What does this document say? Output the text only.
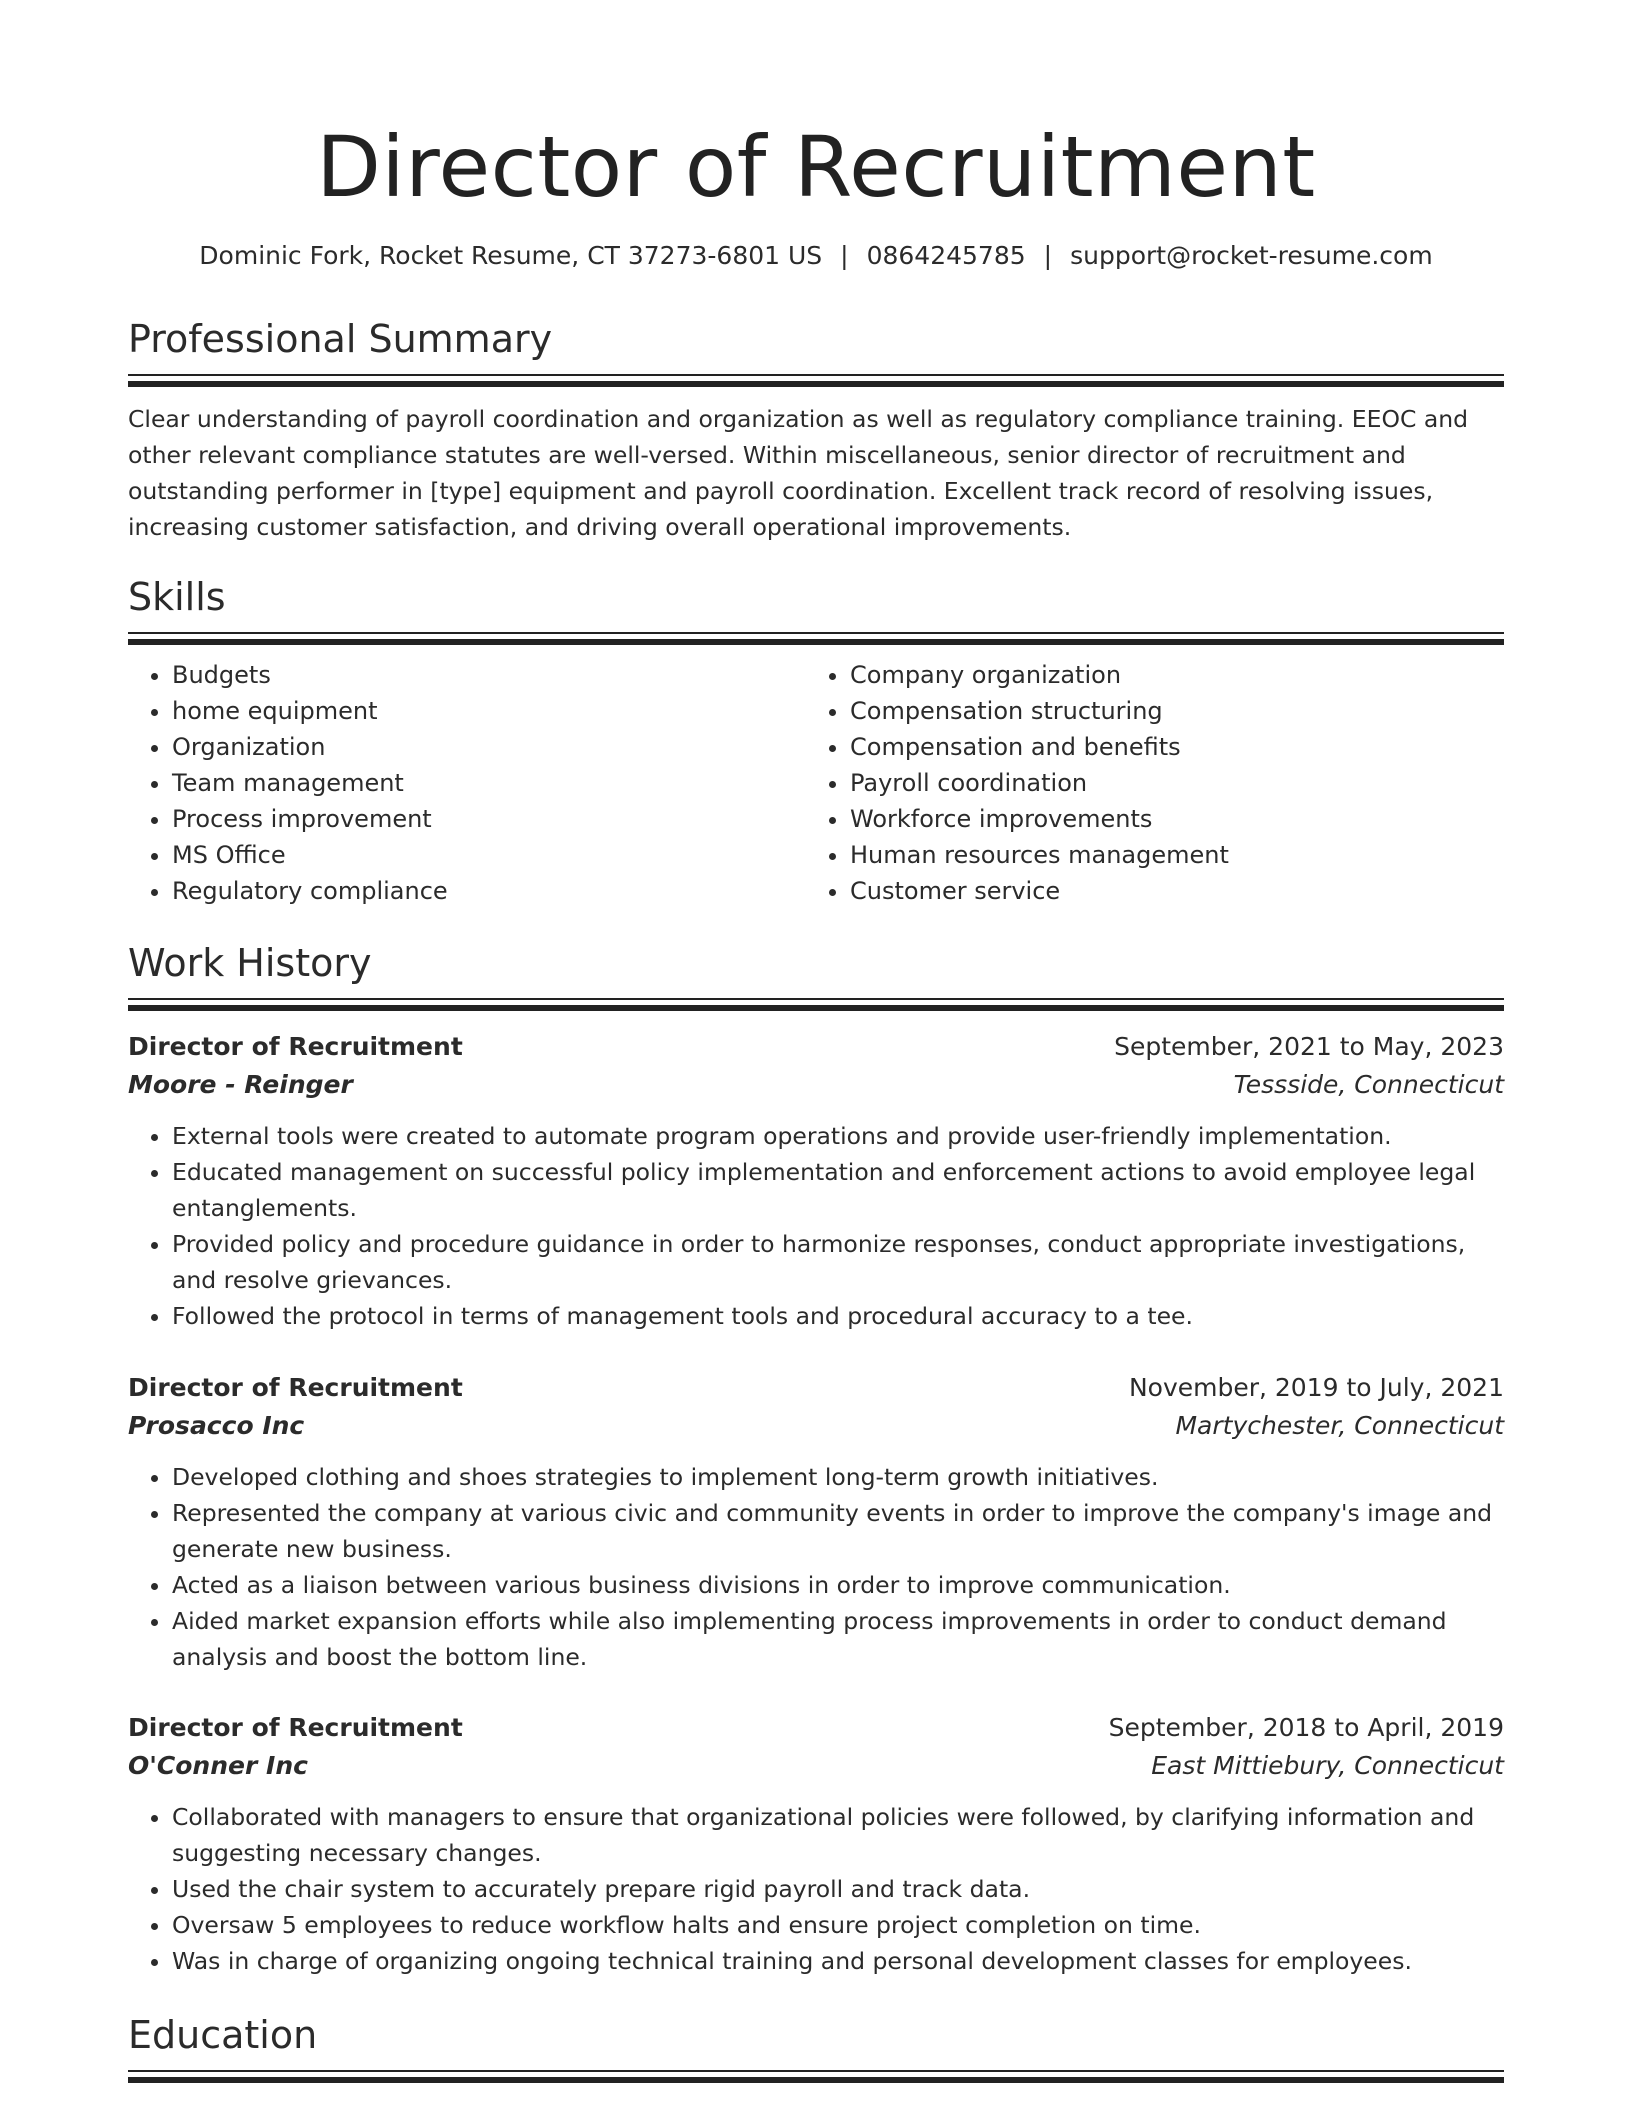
Director of Recruitment
Dominic Fork, Rocket Resume, CT 37273-6801 US | 0864245785 | support@rocket-resume.com
Professional Summary
Clear understanding of payroll coordination and organization as well as regulatory compliance training. EEOC and other relevant compliance statutes are well-versed. Within miscellaneous, senior director of recruitment and outstanding performer in [type] equipment and payroll coordination. Excellent track record of resolving issues, increasing customer satisfaction, and driving overall operational improvements.
Skills
• Budgets
• home equipment
• Organization
• Team management
• Process improvement
• MS Office
• Regulatory compliance
• Company organization
• Compensation structuring
• Compensation and benefits
• Payroll coordination
• Workforce improvements
• Human resources management
• Customer service
Work History
Director of Recruitment	September, 2021 to May, 2023
Moore - Reinger	Tessside, Connecticut
• External tools were created to automate program operations and provide user-friendly implementation.
• Educated management on successful policy implementation and enforcement actions to avoid employee legal entanglements.
• Provided policy and procedure guidance in order to harmonize responses, conduct appropriate investigations, and resolve grievances.
• Followed the protocol in terms of management tools and procedural accuracy to a tee.
Director of Recruitment	November, 2019 to July, 2021
Prosacco Inc	Martychester, Connecticut
• Developed clothing and shoes strategies to implement long-term growth initiatives.
• Represented the company at various civic and community events in order to improve the company's image and generate new business.
• Acted as a liaison between various business divisions in order to improve communication.
• Aided market expansion efforts while also implementing process improvements in order to conduct demand analysis and boost the bottom line.
Director of Recruitment	September, 2018 to April, 2019
O'Conner Inc	East Mittiebury, Connecticut
• Collaborated with managers to ensure that organizational policies were followed, by clarifying information and suggesting necessary changes.
• Used the chair system to accurately prepare rigid payroll and track data.
• Oversaw 5 employees to reduce workflow halts and ensure project completion on time.
• Was in charge of organizing ongoing technical training and personal development classes for employees.
Education
